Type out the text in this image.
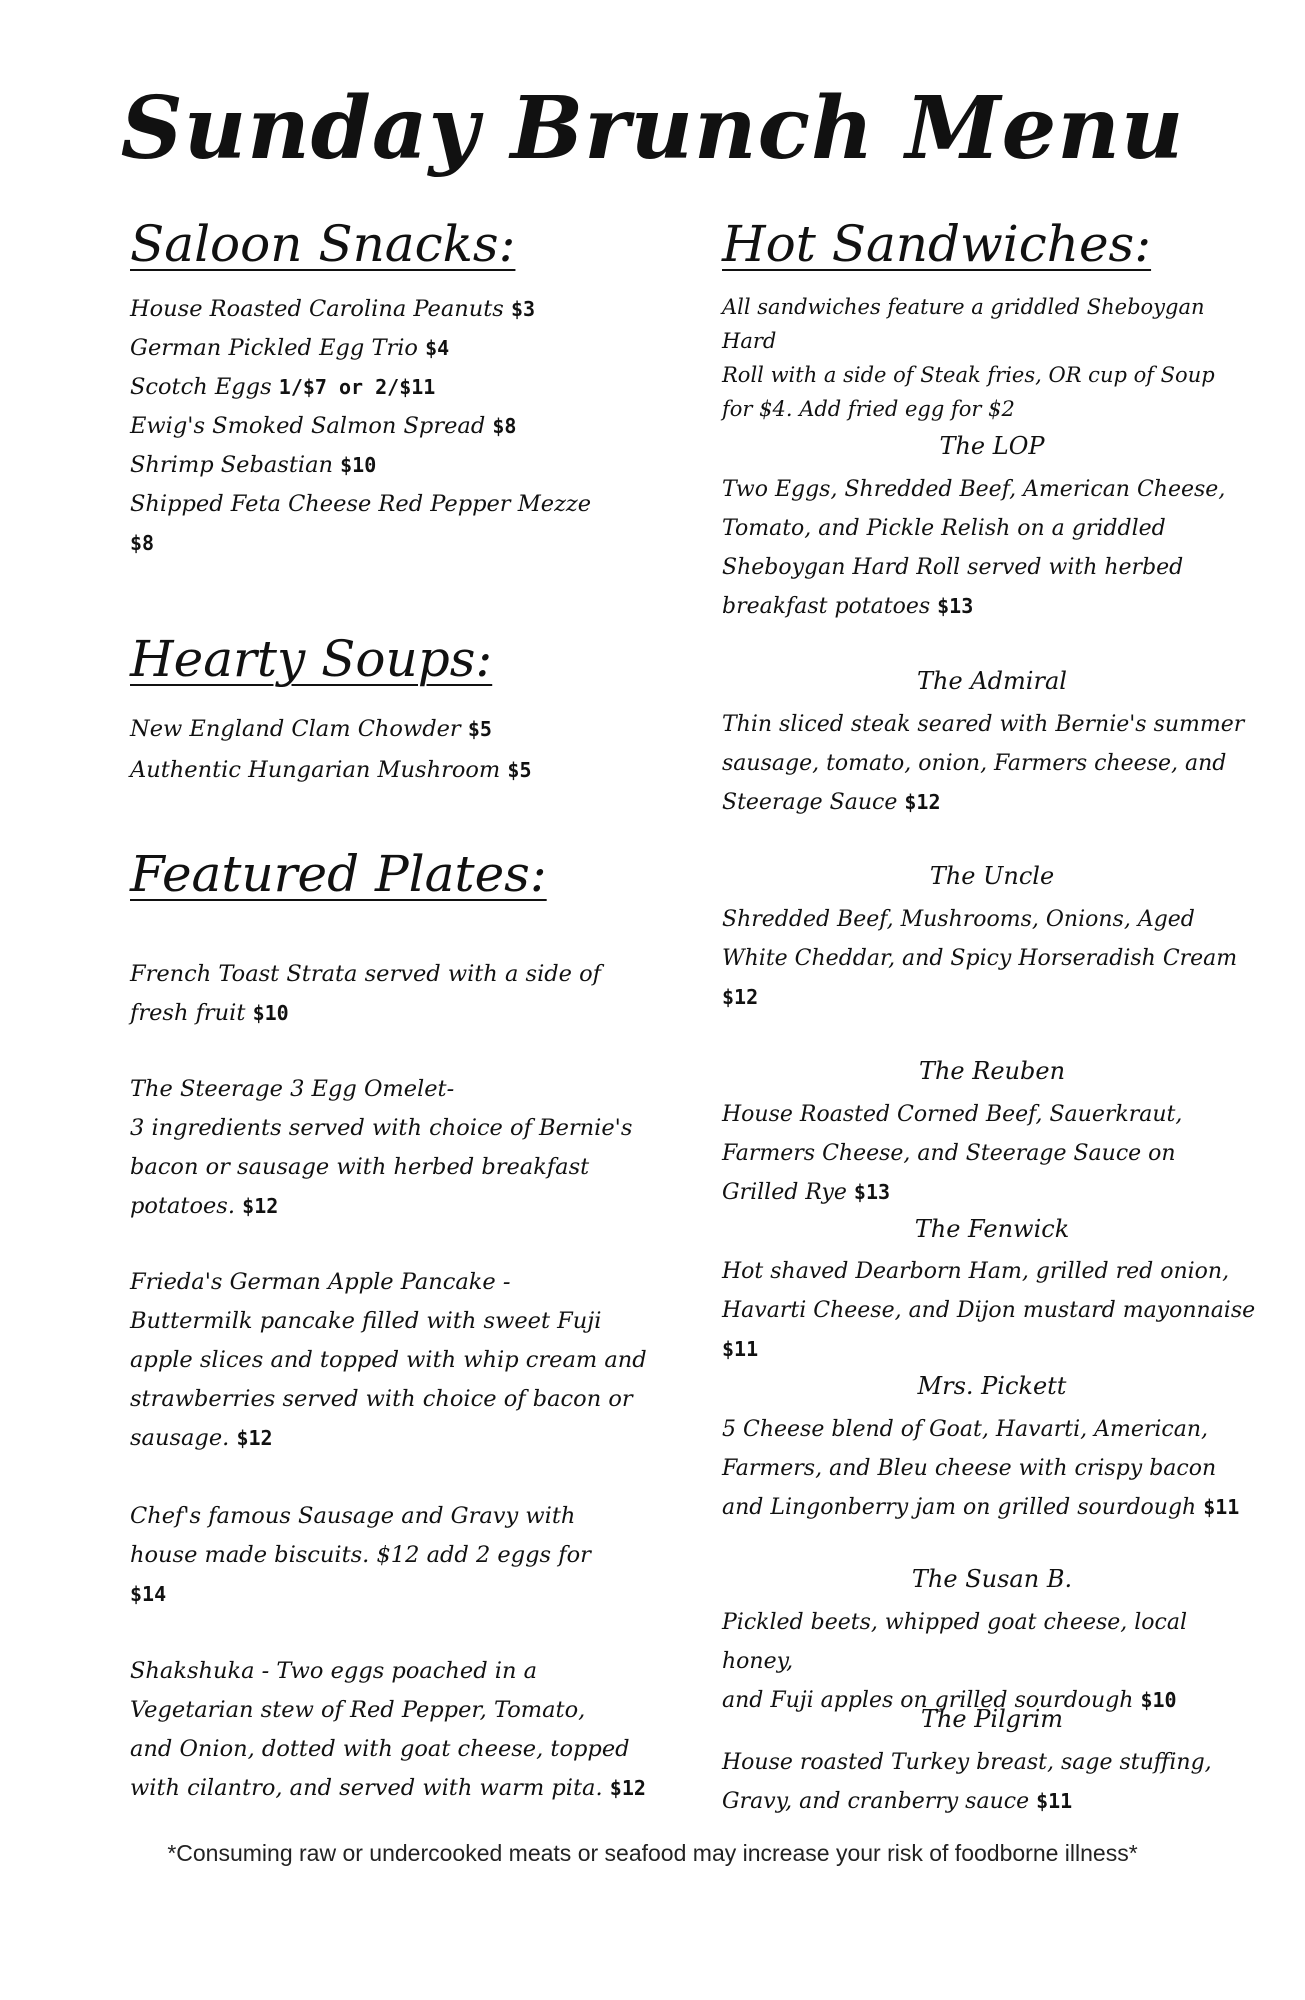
Sunday Brunch Menu
Saloon Snacks:
House Roasted Carolina Peanuts $3
German Pickled Egg Trio $4
Scotch Eggs 1/$7 or 2/$11
Ewig's Smoked Salmon Spread $8
Shrimp Sebastian $10
Shipped Feta Cheese Red Pepper Mezze
$8
Hearty Soups:
New England Clam Chowder $5
Authentic Hungarian Mushroom $5
Featured Plates:
French Toast Strata served with a side of
fresh fruit $10
The Steerage 3 Egg Omelet-
3 ingredients served with choice of Bernie's
bacon or sausage with herbed breakfast
potatoes. $12
Frieda's German Apple Pancake -
Buttermilk pancake filled with sweet Fuji
apple slices and topped with whip cream and
strawberries served with choice of bacon or
sausage. $12
Chef's famous Sausage and Gravy with
house made biscuits. $12 add 2 eggs for
$14
Shakshuka - Two eggs poached in a
Vegetarian stew of Red Pepper, Tomato,
and Onion, dotted with goat cheese, topped
with cilantro, and served with warm pita. $12
Hot Sandwiches:
All sandwiches feature a griddled Sheboygan Hard
Roll with a side of Steak fries, OR cup of Soup
for $4. Add fried egg for $2
The LOP
Two Eggs, Shredded Beef, American Cheese,
Tomato, and Pickle Relish on a griddled
Sheboygan Hard Roll served with herbed
breakfast potatoes $13
The Admiral
Thin sliced steak seared with Bernie's summer
sausage, tomato, onion, Farmers cheese, and
Steerage Sauce $12
The Uncle
Shredded Beef, Mushrooms, Onions, Aged
White Cheddar, and Spicy Horseradish Cream
$12
The Reuben
House Roasted Corned Beef, Sauerkraut,
Farmers Cheese, and Steerage Sauce on
Grilled Rye $13
The Fenwick
Hot shaved Dearborn Ham, grilled red onion,
Havarti Cheese, and Dijon mustard mayonnaise
$11
Mrs. Pickett
5 Cheese blend of Goat, Havarti, American,
Farmers, and Bleu cheese with crispy bacon
and Lingonberry jam on grilled sourdough $11
The Susan B.
Pickled beets, whipped goat cheese, local honey,
and Fuji apples on grilled sourdough $10
The Pilgrim
House roasted Turkey breast, sage stuffing,
Gravy, and cranberry sauce $11
*Consuming raw or undercooked meats or seafood may increase your risk of foodborne illness*
